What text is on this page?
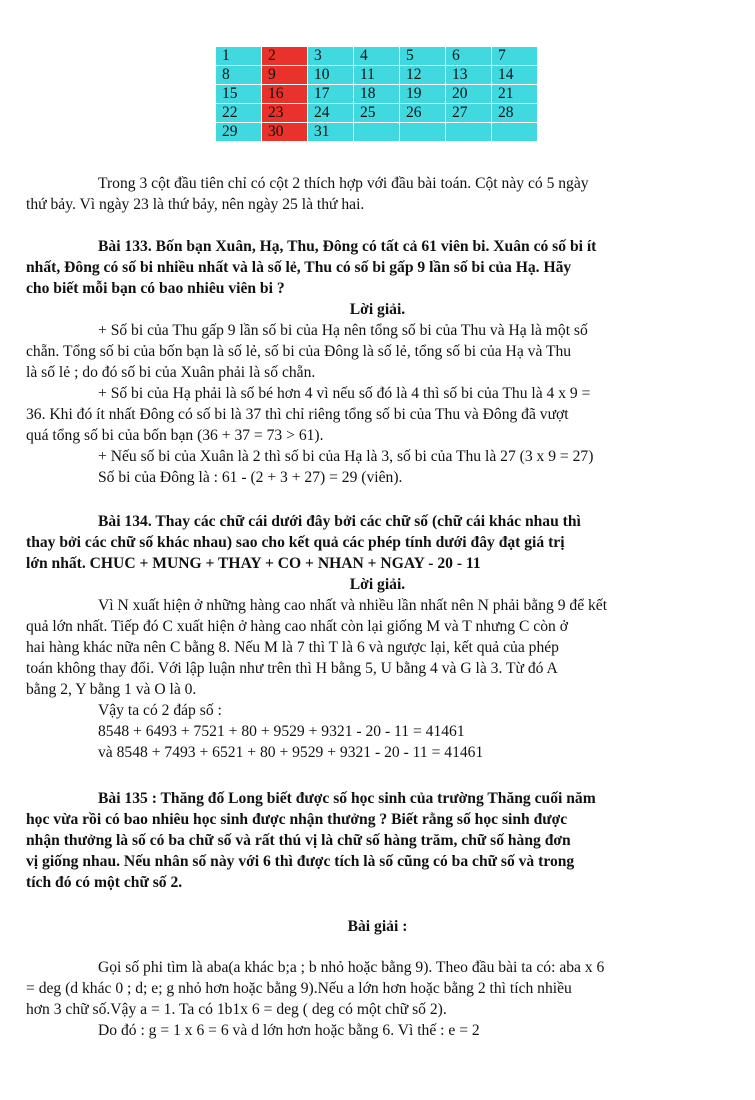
1	2	3	4	5	6	7
8	9	10	11	12	13	14
15	16	17	18	19	20	21
22	23	24	25	26	27	28
29	30	31				
Trong 3 cột đầu tiên chỉ có cột 2 thích hợp với đầu bài toán. Cột này có 5 ngày
thứ bảy. Vì ngày 23 là thứ bảy, nên ngày 25 là thứ hai.
Bài 133. Bốn bạn Xuân, Hạ, Thu, Đông có tất cả 61 viên bi. Xuân có số bi ít
nhất, Đông có số bi nhiều nhất và là số lẻ, Thu có số bi gấp 9 lần số bi của Hạ. Hãy
cho biết mỗi bạn có bao nhiêu viên bi ?
Lời giải.
+ Số bi của Thu gấp 9 lần số bi của Hạ nên tổng số bi của Thu và Hạ là một số
chẵn. Tổng số bi của bốn bạn là số lẻ, số bi của Đông là số lẻ, tổng số bi của Hạ và Thu
là số lẻ ; do đó số bi của Xuân phải là số chẵn.
+ Số bi của Hạ phải là số bé hơn 4 vì nếu số đó là 4 thì số bi của Thu là 4 x 9 =
36. Khi đó ít nhất Đông có số bi là 37 thì chỉ riêng tổng số bi của Thu và Đông đã vượt
quá tổng số bi của bốn bạn (36 + 37 = 73 > 61).
+ Nếu số bi của Xuân là 2 thì số bi của Hạ là 3, số bi của Thu là 27 (3 x 9 = 27)
Số bi của Đông là : 61 - (2 + 3 + 27) = 29 (viên).
Bài 134. Thay các chữ cái dưới đây bởi các chữ số (chữ cái khác nhau thì
thay bởi các chữ số khác nhau) sao cho kết quả các phép tính dưới đây đạt giá trị
lớn nhất. CHUC + MUNG + THAY + CO + NHAN + NGAY - 20 - 11
Lời giải.
Vì N xuất hiện ở những hàng cao nhất và nhiều lần nhất nên N phải bằng 9 để kết
quả lớn nhất. Tiếp đó C xuất hiện ở hàng cao nhất còn lại giống M và T nhưng C còn ở
hai hàng khác nữa nên C bằng 8. Nếu M là 7 thì T là 6 và ngược lại, kết quả của phép
toán không thay đổi. Với lập luận như trên thì H bằng 5, U bằng 4 và G là 3. Từ đó A
bằng 2, Y bằng 1 và O là 0.
Vậy ta có 2 đáp số :
8548 + 6493 + 7521 + 80 + 9529 + 9321 - 20 - 11 = 41461
và 8548 + 7493 + 6521 + 80 + 9529 + 9321 - 20 - 11 = 41461
Bài 135 : Thăng đố Long biết được số học sinh của trường Thăng cuối năm
học vừa rồi có bao nhiêu học sinh được nhận thưởng ? Biết rằng số học sinh được
nhận thưởng là số có ba chữ số và rất thú vị là chữ số hàng trăm, chữ số hàng đơn
vị giống nhau. Nếu nhân số này với 6 thì được tích là số cũng có ba chữ số và trong
tích đó có một chữ số 2.
Bài giải :
Gọi số phi tìm là aba(a khác b;a ; b nhỏ hoặc bằng 9). Theo đầu bài ta có: aba x 6
= deg (d khác 0 ; d; e; g nhỏ hơn hoặc bằng 9).Nếu a lớn hơn hoặc bằng 2 thì tích nhiều
hơn 3 chữ số.Vậy a = 1. Ta có 1b1x 6 = deg ( deg có một chữ số 2).
Do đó : g = 1 x 6 = 6 và d lớn hơn hoặc bằng 6. Vì thế : e = 2
